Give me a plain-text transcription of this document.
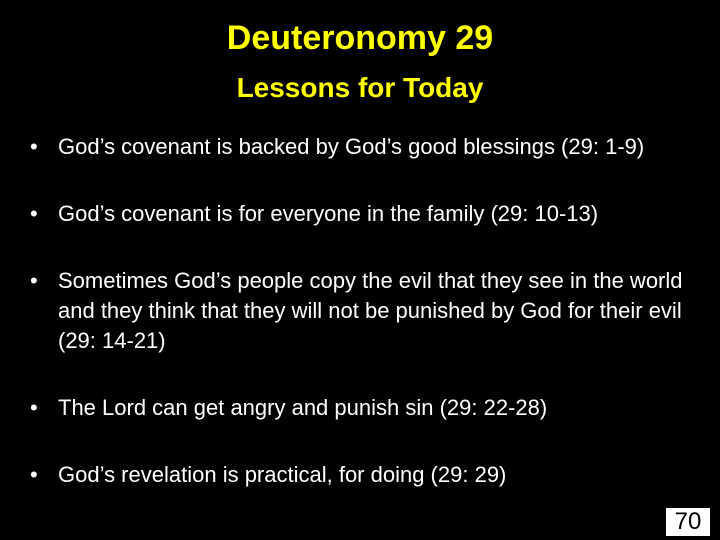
Deuteronomy 29
Lessons for Today
• God’s covenant is backed by God’s good blessings (29: 1-9)
• God’s covenant is for everyone in the family (29: 10-13)
• Sometimes God’s people copy the evil that they see in the world and they think that they will not be punished by God for their evil (29: 14-21)
• The Lord can get angry and punish sin (29: 22-28)
• God’s revelation is practical, for doing (29: 29)
70
